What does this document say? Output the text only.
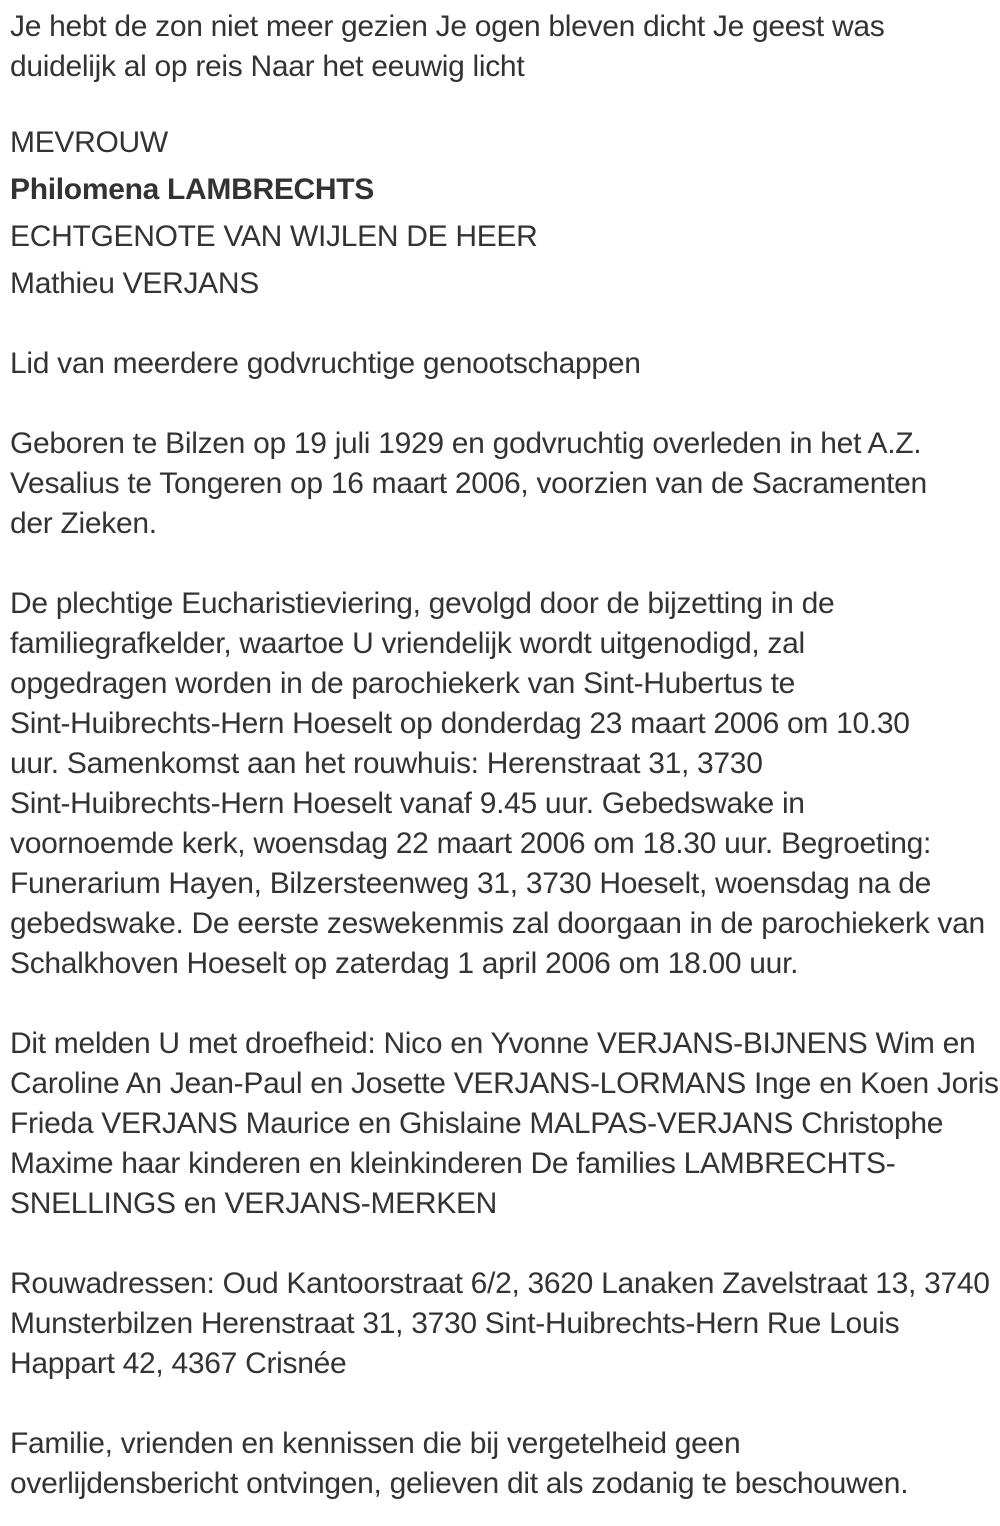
Je hebt de zon niet meer gezien Je ogen bleven dicht Je geest was
duidelijk al op reis Naar het eeuwig licht

MEVROUW

Philomena LAMBRECHTS

ECHTGENOTE VAN WIJLEN DE HEER

Mathieu VERJANS

Lid van meerdere godvruchtige genootschappen

Geboren te Bilzen op 19 juli 1929 en godvruchtig overleden in het A.Z.
Vesalius te Tongeren op 16 maart 2006, voorzien van de Sacramenten
der Zieken.

De plechtige Eucharistieviering, gevolgd door de bijzetting in de
familiegrafkelder, waartoe U vriendelijk wordt uitgenodigd, zal
opgedragen worden in de parochiekerk van Sint-Hubertus te
Sint-Huibrechts-Hern Hoeselt op donderdag 23 maart 2006 om 10.30
uur. Samenkomst aan het rouwhuis: Herenstraat 31, 3730
Sint-Huibrechts-Hern Hoeselt vanaf 9.45 uur. Gebedswake in
voornoemde kerk, woensdag 22 maart 2006 om 18.30 uur. Begroeting:
Funerarium Hayen, Bilzersteenweg 31, 3730 Hoeselt, woensdag na de
gebedswake. De eerste zeswekenmis zal doorgaan in de parochiekerk van
Schalkhoven Hoeselt op zaterdag 1 april 2006 om 18.00 uur.

Dit melden U met droefheid: Nico en Yvonne VERJANS-BIJNENS Wim en
Caroline An Jean-Paul en Josette VERJANS-LORMANS Inge en Koen Joris
Frieda VERJANS Maurice en Ghislaine MALPAS-VERJANS Christophe
Maxime haar kinderen en kleinkinderen De families LAMBRECHTS-
SNELLINGS en VERJANS-MERKEN

Rouwadressen: Oud Kantoorstraat 6/2, 3620 Lanaken Zavelstraat 13, 3740
Munsterbilzen Herenstraat 31, 3730 Sint-Huibrechts-Hern Rue Louis
Happart 42, 4367 Crisnée

Familie, vrienden en kennissen die bij vergetelheid geen
overlijdensbericht ontvingen, gelieven dit als zodanig te beschouwen.
